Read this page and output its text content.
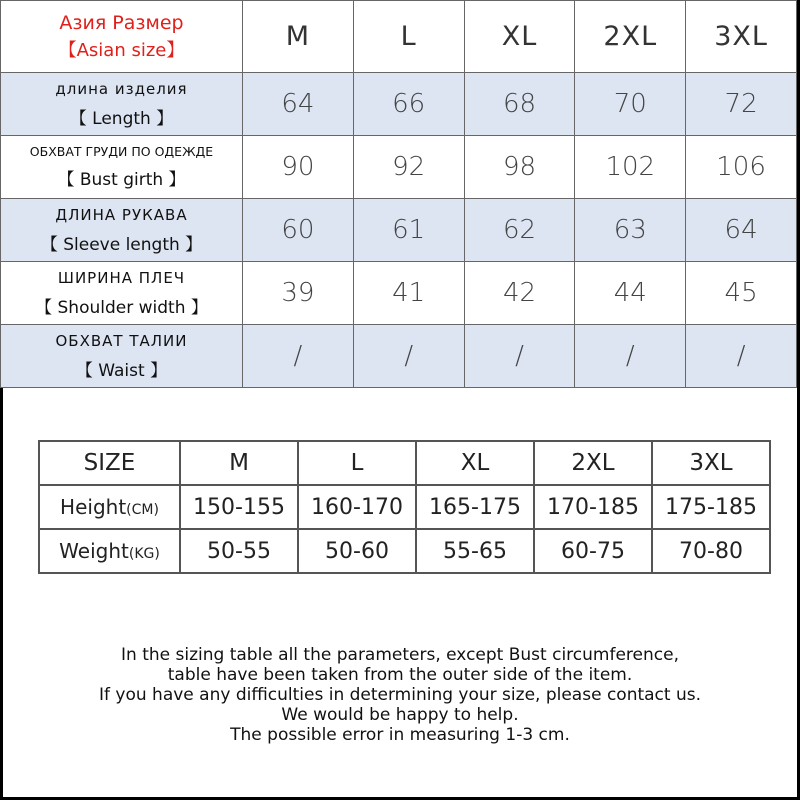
Азия Размер
【Asian size】	M	L	XL	2XL	3XL

длина изделия
【 Length 】	64	66	68	70	72

ОБХВАТ ГРУДИ ПО ОДЕЖДЕ
【 Bust girth 】	90	92	98	102	106

ДЛИНА РУКАВА
【 Sleeve length 】	60	61	62	63	64

ШИРИНА ПЛЕЧ
【 Shoulder width 】	39	41	42	44	45

ОБХВАТ ТАЛИИ
【 Waist 】	/	/	/	/	/
SIZE	M	L	XL	2XL	3XL
Height(CM)	150-155	160-170	165-175	170-185	175-185
Weight(KG)	50-55	50-60	55-65	60-75	70-80
In the sizing table all the parameters, except Bust circumference,
table have been taken from the outer side of the item.
If you have any difficulties in determining your size, please contact us.
We would be happy to help.
The possible error in measuring 1-3 cm.
